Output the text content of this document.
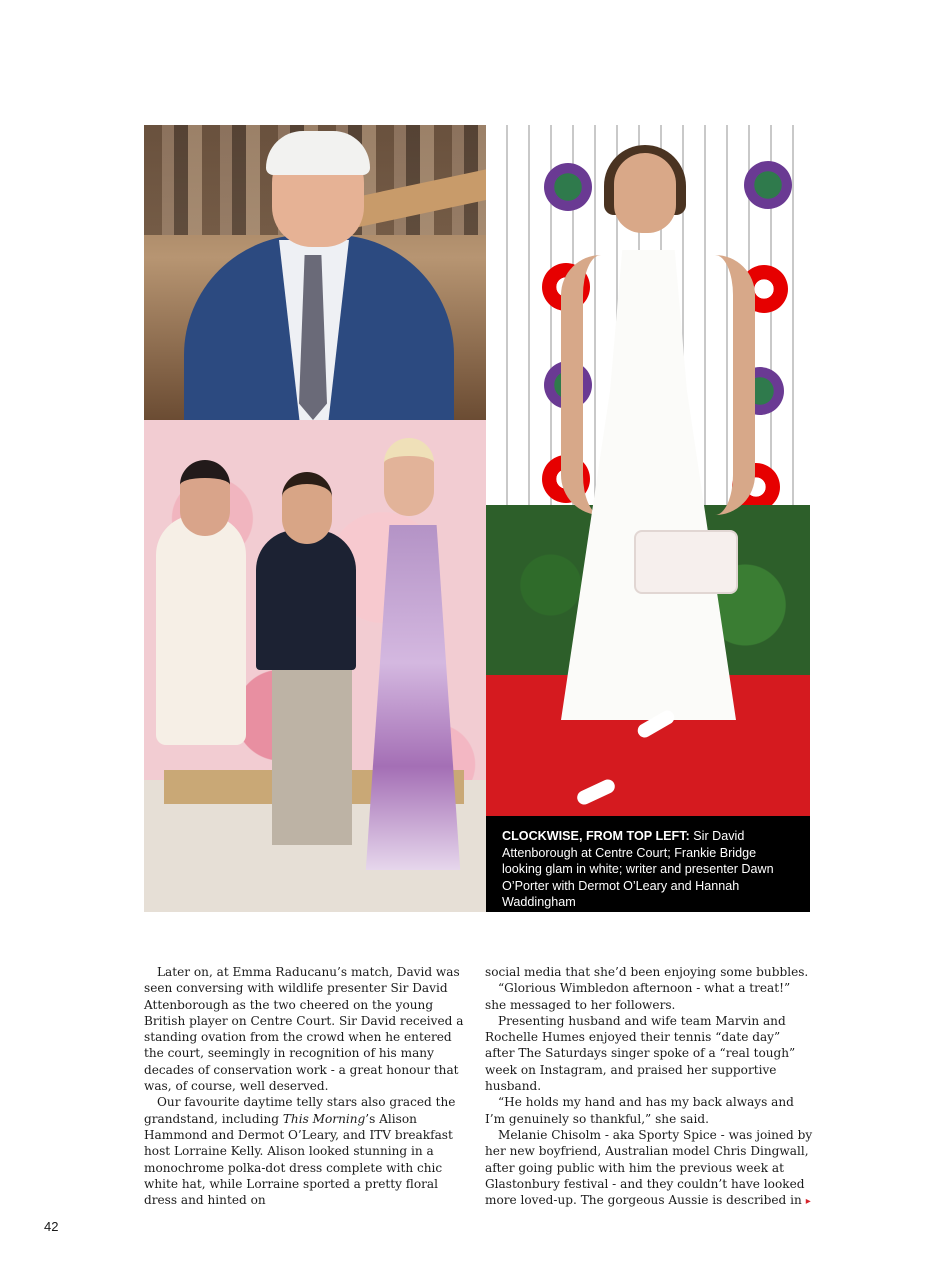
CLOCKWISE, FROM TOP LEFT: Sir David Attenborough at Centre Court; Frankie Bridge looking glam in white; writer and presenter Dawn O’Porter with Dermot O’Leary and Hannah Waddingham

Later on, at Emma Raducanu’s match, David was seen conversing with wildlife presenter Sir David Attenborough as the two cheered on the young British player on Centre Court. Sir David received a standing ovation from the crowd when he entered the court, seemingly in recognition of his many decades of conservation work - a great honour that was, of course, well deserved.

Our favourite daytime telly stars also graced the grandstand, including This Morning’s Alison Hammond and Dermot O’Leary, and ITV breakfast host Lorraine Kelly. Alison looked stunning in a monochrome polka-dot dress complete with chic white hat, while Lorraine sported a pretty floral dress and hinted on

social media that she’d been enjoying some bubbles.

“Glorious Wimbledon afternoon - what a treat!” she messaged to her followers.

Presenting husband and wife team Marvin and Rochelle Humes enjoyed their tennis “date day” after The Saturdays singer spoke of a “real tough” week on Instagram, and praised her supportive husband.

“He holds my hand and has my back always and I’m genuinely so thankful,” she said.

Melanie Chisolm - aka Sporty Spice - was joined by her new boyfriend, Australian model Chris Dingwall, after going public with him the previous week at Glastonbury festival - and they couldn’t have looked more loved-up. The gorgeous Aussie is described in ▸

42
